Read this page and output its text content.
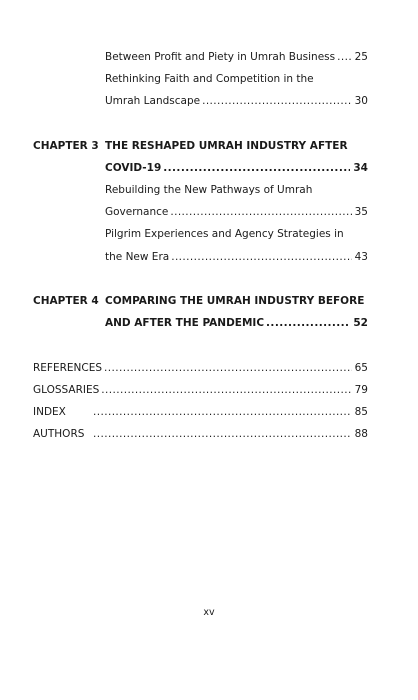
Between Profit and Piety in Umrah Business ..... 25
Rethinking Faith and Competition in the
Umrah Landscape .....	30
CHAPTER 3 THE RESHAPED UMRAH INDUSTRY AFTER
COVID-19 .....	34
Rebuilding the New Pathways of Umrah
Governance .....	35
Pilgrim Experiences and Agency Strategies in
the New Era .....	43
CHAPTER 4 COMPARING THE UMRAH INDUSTRY BEFORE
AND AFTER THE PANDEMIC .....	52
REFERENCES .....	65
GLOSSARIES .....	79
INDEX .....	85
AUTHORS .....	88
xv
